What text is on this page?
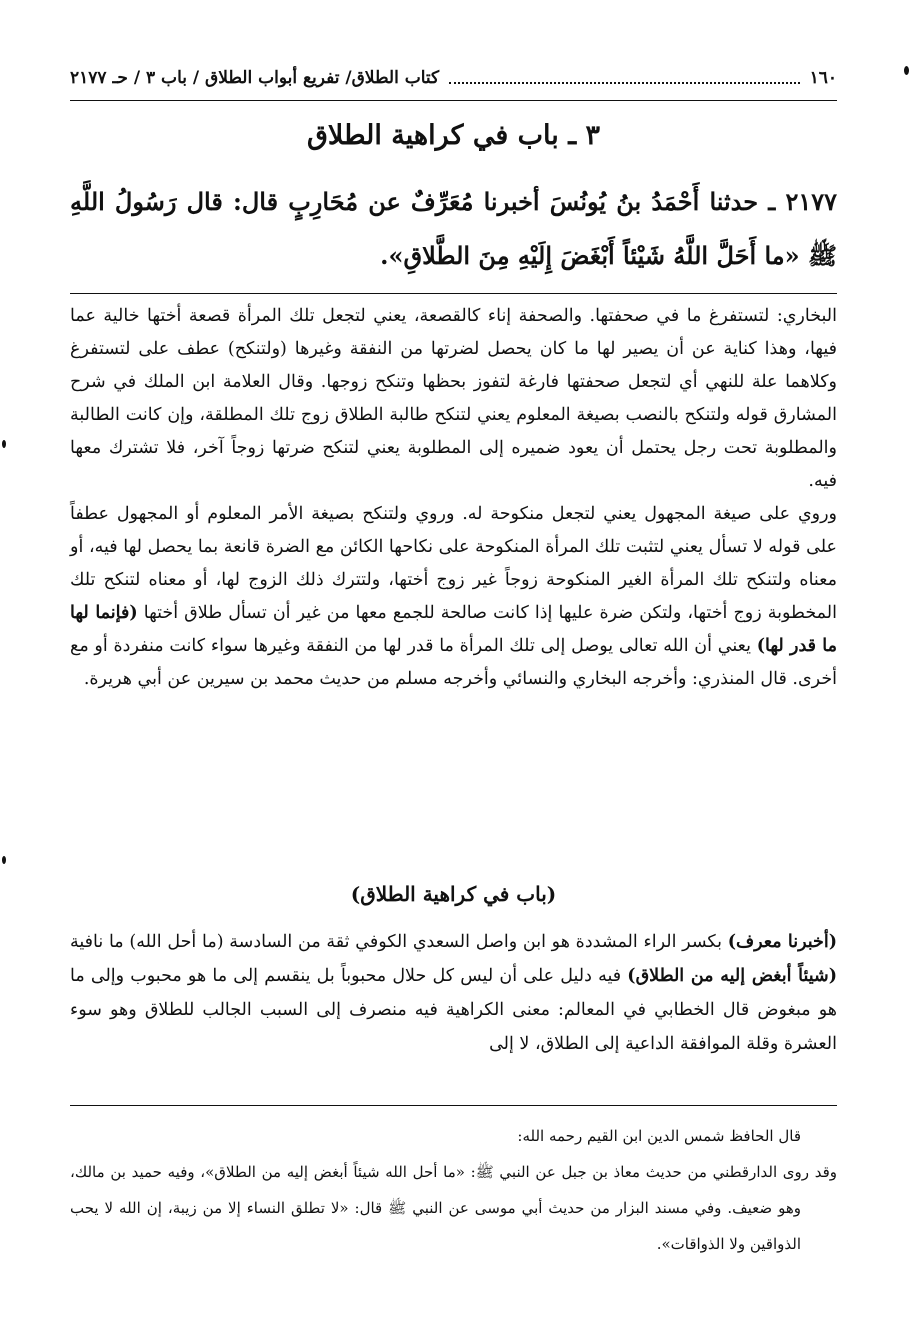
١٦٠
كتاب الطلاق/ تفريع أبواب الطلاق / باب ٣ / حـ ٢١٧٧
٣ ـ باب في كراهية الطلاق
٢١٧٧ ـ حدثنا أَحْمَدُ بنُ يُونُسَ أخبرنا مُعَرِّفٌ عن مُحَارِبٍ قال: قال رَسُولُ اللَّهِ ﷺ «ما أَحَلَّ اللَّهُ شَيْئاً أَبْغَضَ إِلَيْهِ مِنَ الطَّلاقِ».

البخاري: لتستفرغ ما في صحفتها. والصحفة إناء كالقصعة، يعني لتجعل تلك المرأة قصعة أختها خالية عما فيها، وهذا كناية عن أن يصير لها ما كان يحصل لضرتها من النفقة وغيرها (ولتنكح) عطف على لتستفرغ وكلاهما علة للنهي أي لتجعل صحفتها فارغة لتفوز بحظها وتنكح زوجها. وقال العلامة ابن الملك في شرح المشارق قوله ولتنكح بالنصب بصيغة المعلوم يعني لتنكح طالبة الطلاق زوج تلك المطلقة، وإن كانت الطالبة والمطلوبة تحت رجل يحتمل أن يعود ضميره إلى المطلوبة يعني لتنكح ضرتها زوجاً آخر، فلا تشترك معها فيه.

وروي على صيغة المجهول يعني لتجعل منكوحة له. وروي ولتنكح بصيغة الأمر المعلوم أو المجهول عطفاً على قوله لا تسأل يعني لتثبت تلك المرأة المنكوحة على نكاحها الكائن مع الضرة قانعة بما يحصل لها فيه، أو معناه ولتنكح تلك المرأة الغير المنكوحة زوجاً غير زوج أختها، ولتترك ذلك الزوج لها، أو معناه لتنكح تلك المخطوبة زوج أختها، ولتكن ضرة عليها إذا كانت صالحة للجمع معها من غير أن تسأل طلاق أختها (فإنما لها ما قدر لها) يعني أن الله تعالى يوصل إلى تلك المرأة ما قدر لها من النفقة وغيرها سواء كانت منفردة أو مع أخرى. قال المنذري: وأخرجه البخاري والنسائي وأخرجه مسلم من حديث محمد بن سيرين عن أبي هريرة.

(باب في كراهية الطلاق)

(أخبرنا معرف) بكسر الراء المشددة هو ابن واصل السعدي الكوفي ثقة من السادسة (ما أحل الله) ما نافية (شيئاً أبغض إليه من الطلاق) فيه دليل على أن ليس كل حلال محبوباً بل ينقسم إلى ما هو محبوب وإلى ما هو مبغوض قال الخطابي في المعالم: معنى الكراهية فيه منصرف إلى السبب الجالب للطلاق وهو سوء العشرة وقلة الموافقة الداعية إلى الطلاق، لا إلى

قال الحافظ شمس الدين ابن القيم رحمه الله:

وقد روى الدارقطني من حديث معاذ بن جبل عن النبي ﷺ: «ما أحل الله شيئاً أبغض إليه من الطلاق»، وفيه حميد بن مالك، وهو ضعيف. وفي مسند البزار من حديث أبي موسى عن النبي ﷺ قال: «لا تطلق النساء إلا من زيبة، إن الله لا يحب الذواقين ولا الذواقات».
